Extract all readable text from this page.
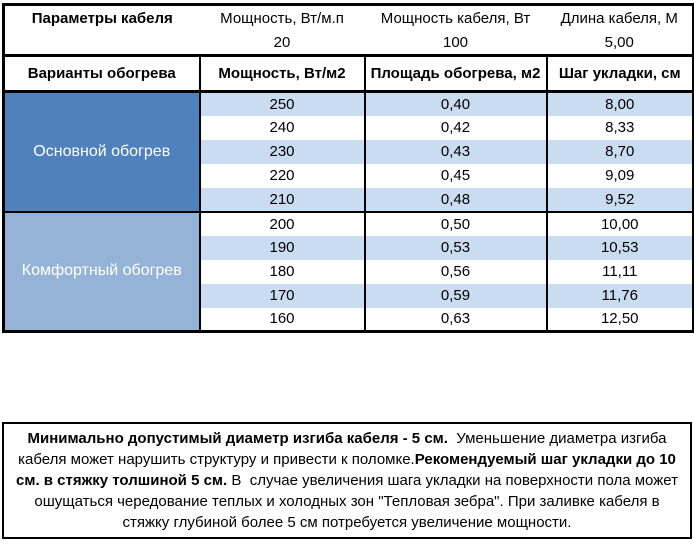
Параметры кабеля	Мощность, Вт/м.п	Мощность кабеля, Вт	Длина кабеля, М
	20	100	5,00
Варианты обогрева	Мощность, Вт/м2	Площадь обогрева, м2	Шаг укладки, см
Основной обогрев	250	0,40	8,00
	240	0,42	8,33
	230	0,43	8,70
	220	0,45	9,09
	210	0,48	9,52
Комфортный обогрев	200	0,50	10,00
	190	0,53	10,53
	180	0,56	11,11
	170	0,59	11,76
	160	0,63	12,50
Минимально допустимый диаметр изгиба кабеля - 5 см.  Уменьшение диаметра изгиба кабеля может нарушить структуру и привести к поломке.Рекомендуемый шаг укладки до 10 см. в стяжку толшиной 5 см. В  случае увеличения шага укладки на поверхности пола может ошущаться чередование теплых и холодных зон "Тепловая зебра". При заливке кабеля в стяжку глубиной более 5 см потребуется увеличение мощности.
